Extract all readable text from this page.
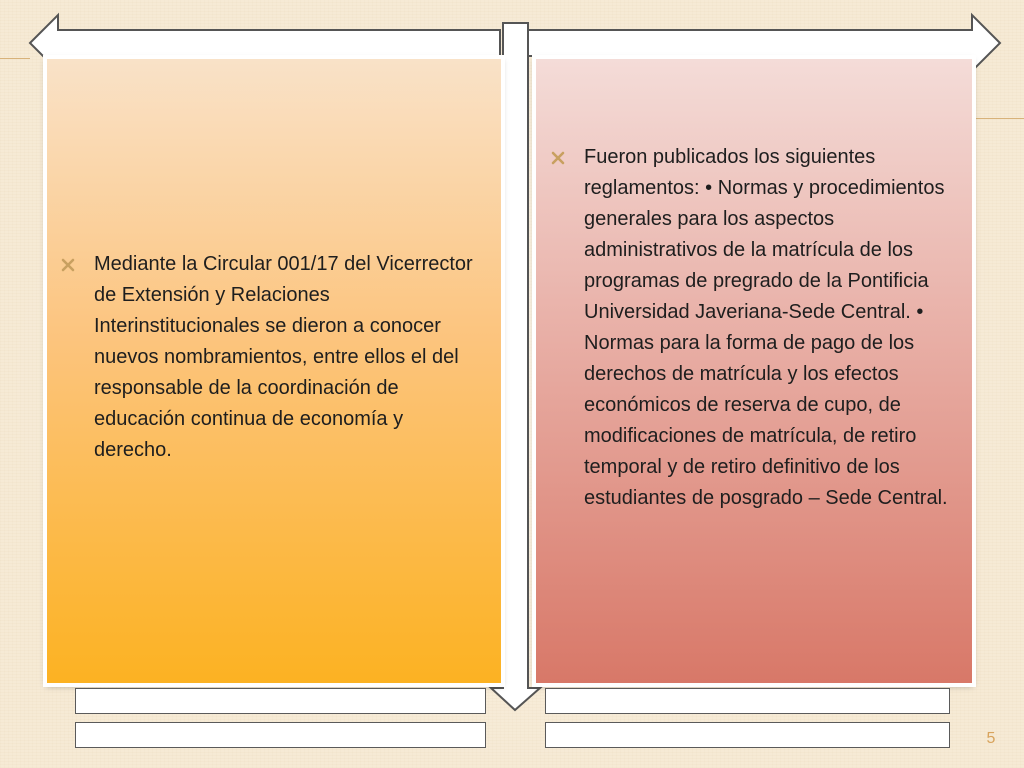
Mediante la Circular 001/17 del Vicerrector de Extensión y Relaciones Interinstitucionales se dieron a conocer nuevos nombramientos, entre ellos el del responsable de la coordinación de educación continua de economía y derecho.
Fueron publicados los siguientes reglamentos: • Normas y procedimientos generales para los aspectos administrativos de la matrícula de los programas de pregrado de la Pontificia Universidad Javeriana-Sede Central. • Normas para la forma de pago de los derechos de matrícula y los efectos económicos de reserva de cupo, de modificaciones de matrícula, de retiro temporal y de retiro definitivo de los estudiantes de posgrado – Sede Central.
5
